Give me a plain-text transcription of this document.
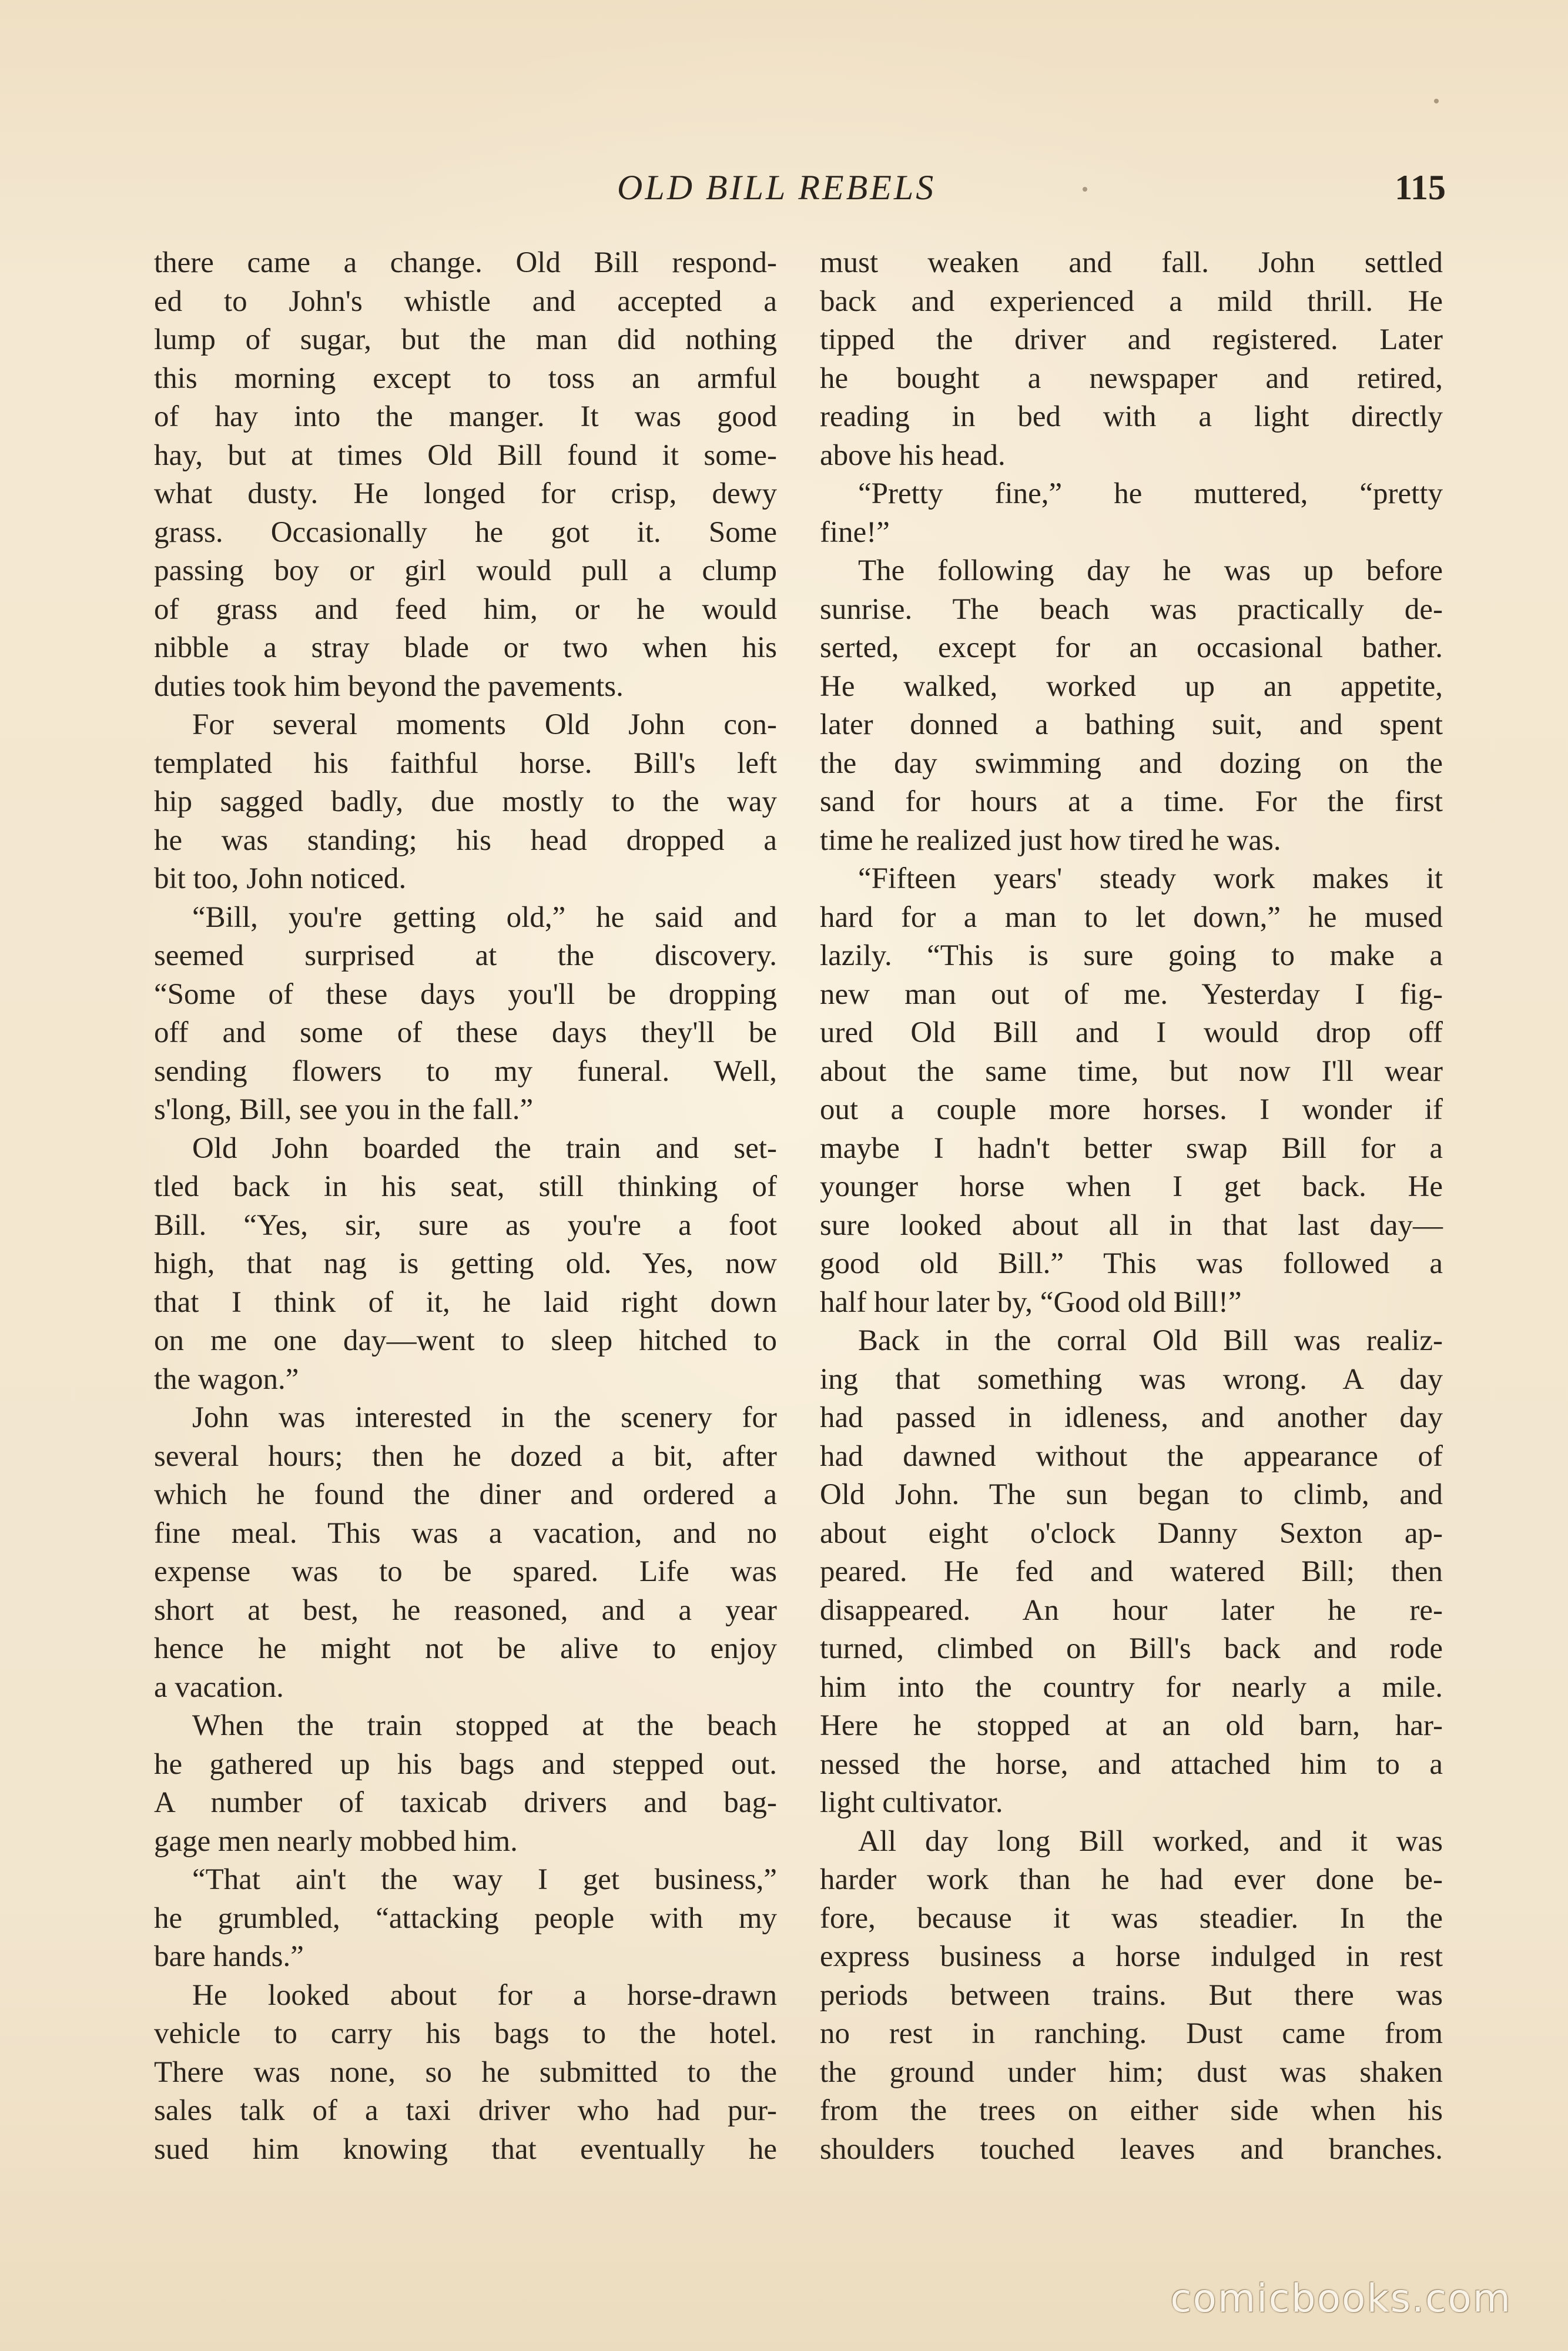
OLD BILL REBELS	115
there came a change. Old Bill respond-
ed to John's whistle and accepted a
lump of sugar, but the man did nothing
this morning except to toss an armful
of hay into the manger. It was good
hay, but at times Old Bill found it some-
what dusty. He longed for crisp, dewy
grass. Occasionally he got it. Some
passing boy or girl would pull a clump
of grass and feed him, or he would
nibble a stray blade or two when his
duties took him beyond the pavements.
For several moments Old John con-
templated his faithful horse. Bill's left
hip sagged badly, due mostly to the way
he was standing; his head dropped a
bit too, John noticed.
“Bill, you're getting old,” he said and
seemed surprised at the discovery.
“Some of these days you'll be dropping
off and some of these days they'll be
sending flowers to my funeral. Well,
s'long, Bill, see you in the fall.”
Old John boarded the train and set-
tled back in his seat, still thinking of
Bill. “Yes, sir, sure as you're a foot
high, that nag is getting old. Yes, now
that I think of it, he laid right down
on me one day—went to sleep hitched to
the wagon.”
John was interested in the scenery for
several hours; then he dozed a bit, after
which he found the diner and ordered a
fine meal. This was a vacation, and no
expense was to be spared. Life was
short at best, he reasoned, and a year
hence he might not be alive to enjoy
a vacation.
When the train stopped at the beach
he gathered up his bags and stepped out.
A number of taxicab drivers and bag-
gage men nearly mobbed him.
“That ain't the way I get business,”
he grumbled, “attacking people with my
bare hands.”
He looked about for a horse-drawn
vehicle to carry his bags to the hotel.
There was none, so he submitted to the
sales talk of a taxi driver who had pur-
sued him knowing that eventually he
must weaken and fall. John settled
back and experienced a mild thrill. He
tipped the driver and registered. Later
he bought a newspaper and retired,
reading in bed with a light directly
above his head.
“Pretty fine,” he muttered, “pretty
fine!”
The following day he was up before
sunrise. The beach was practically de-
serted, except for an occasional bather.
He walked, worked up an appetite,
later donned a bathing suit, and spent
the day swimming and dozing on the
sand for hours at a time. For the first
time he realized just how tired he was.
“Fifteen years' steady work makes it
hard for a man to let down,” he mused
lazily. “This is sure going to make a
new man out of me. Yesterday I fig-
ured Old Bill and I would drop off
about the same time, but now I'll wear
out a couple more horses. I wonder if
maybe I hadn't better swap Bill for a
younger horse when I get back. He
sure looked about all in that last day—
good old Bill.” This was followed a
half hour later by, “Good old Bill!”
Back in the corral Old Bill was realiz-
ing that something was wrong. A day
had passed in idleness, and another day
had dawned without the appearance of
Old John. The sun began to climb, and
about eight o'clock Danny Sexton ap-
peared. He fed and watered Bill; then
disappeared. An hour later he re-
turned, climbed on Bill's back and rode
him into the country for nearly a mile.
Here he stopped at an old barn, har-
nessed the horse, and attached him to a
light cultivator.
All day long Bill worked, and it was
harder work than he had ever done be-
fore, because it was steadier. In the
express business a horse indulged in rest
periods between trains. But there was
no rest in ranching. Dust came from
the ground under him; dust was shaken
from the trees on either side when his
shoulders touched leaves and branches.
comicbooks.com
